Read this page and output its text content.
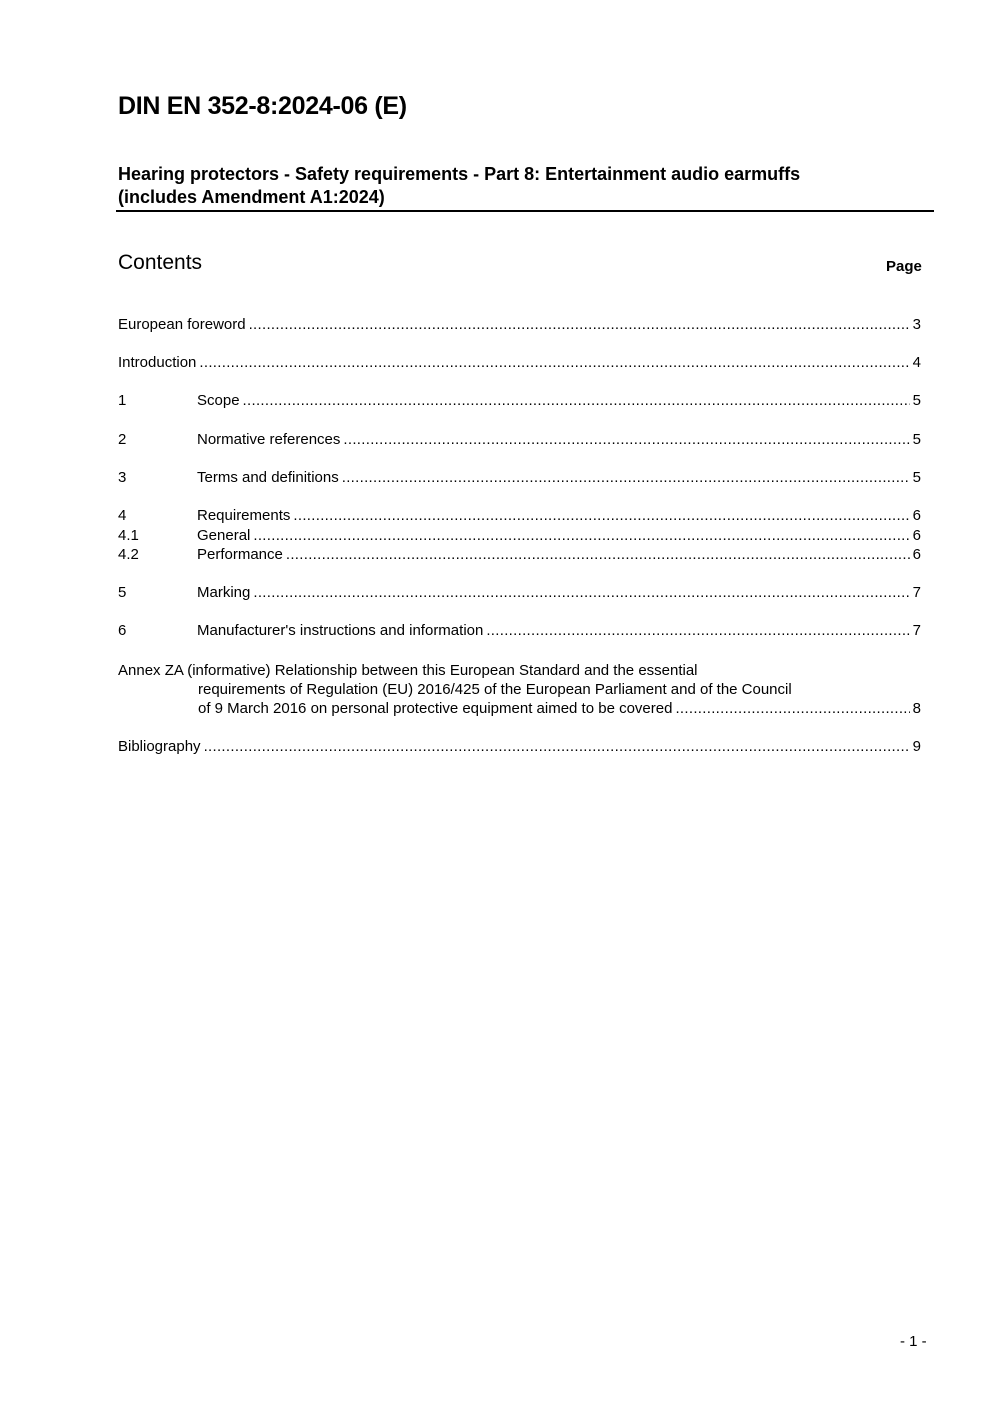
DIN EN 352-8:2024-06 (E)
Hearing protectors - Safety requirements - Part 8: Entertainment audio earmuffs
(includes Amendment A1:2024)
Contents	Page
European foreword .....	3
Introduction .....	4
1	Scope .....	5
2	Normative references .....	5
3	Terms and definitions .....	5
4	Requirements .....	6
4.1	General .....	6
4.2	Performance .....	6
5	Marking .....	7
6	Manufacturer's instructions and information .....	7
Annex ZA (informative) Relationship between this European Standard and the essential
requirements of Regulation (EU) 2016/425 of the European Parliament and of the Council
of 9 March 2016 on personal protective equipment aimed to be covered .....	8
Bibliography .....	9
- 1 -
